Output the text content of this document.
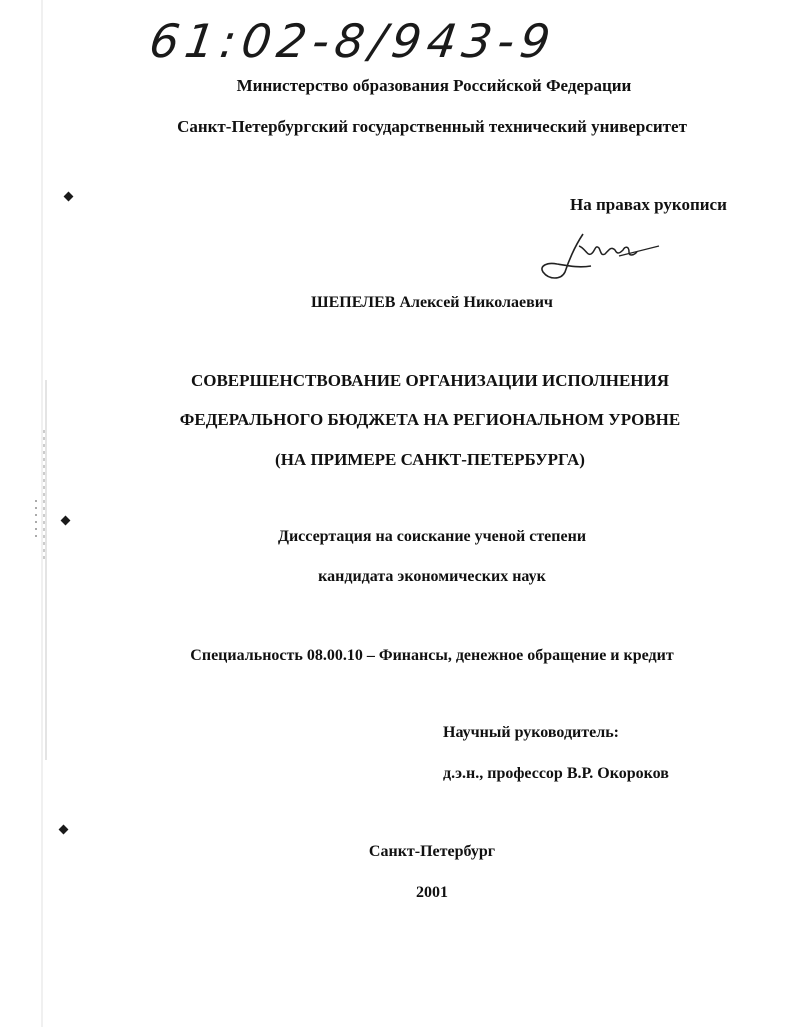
61:02-8/943-9
Министерство образования Российской Федерации
Санкт-Петербургский государственный технический университет
На правах рукописи
ШЕПЕЛЕВ Алексей Николаевич
СОВЕРШЕНСТВОВАНИЕ ОРГАНИЗАЦИИ ИСПОЛНЕНИЯ
ФЕДЕРАЛЬНОГО БЮДЖЕТА НА РЕГИОНАЛЬНОМ УРОВНЕ
(НА ПРИМЕРЕ САНКТ-ПЕТЕРБУРГА)
Диссертация на соискание ученой степени
кандидата экономических наук
Специальность 08.00.10 – Финансы, денежное обращение и кредит
Научный руководитель:
д.э.н., профессор В.Р. Окороков
Санкт-Петербург
2001
